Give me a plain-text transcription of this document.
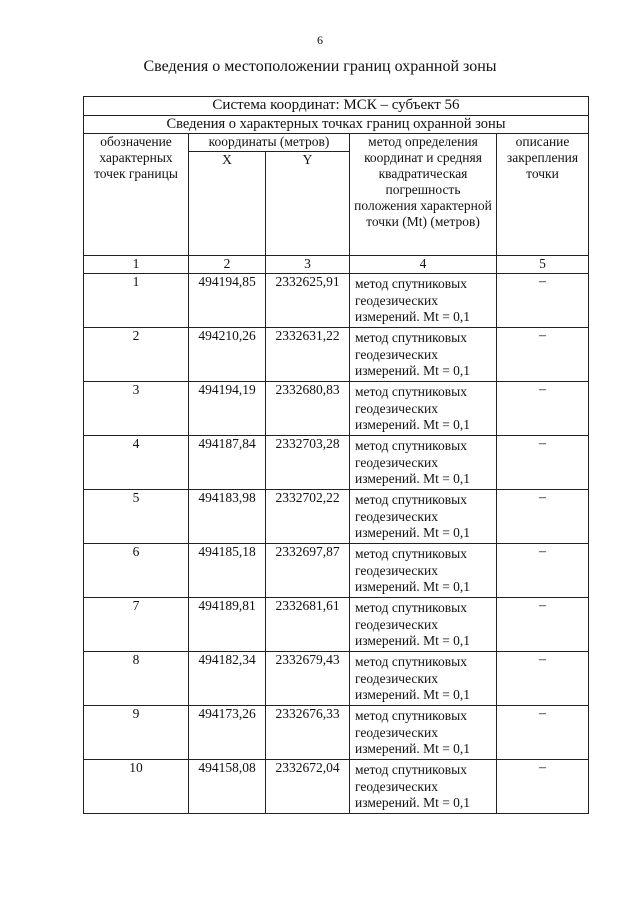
6
Сведения о местоположении границ охранной зоны
Система координат: МСК – субъект 56				
Сведения о характерных точках границ охранной зоны				
обозначение характерных точек границы	координаты (метров)		метод определения координат и средняя квадратическая погрешность положения характерной точки (Mt) (метров)	описание закрепления точки
	X	Y		
1	2	3	4	5
1	494194,85	2332625,91	метод спутниковых геодезических измерений. Mt = 0,1	–
2	494210,26	2332631,22	метод спутниковых геодезических измерений. Mt = 0,1	–
3	494194,19	2332680,83	метод спутниковых геодезических измерений. Mt = 0,1	–
4	494187,84	2332703,28	метод спутниковых геодезических измерений. Mt = 0,1	–
5	494183,98	2332702,22	метод спутниковых геодезических измерений. Mt = 0,1	–
6	494185,18	2332697,87	метод спутниковых геодезических измерений. Mt = 0,1	–
7	494189,81	2332681,61	метод спутниковых геодезических измерений. Mt = 0,1	–
8	494182,34	2332679,43	метод спутниковых геодезических измерений. Mt = 0,1	–
9	494173,26	2332676,33	метод спутниковых геодезических измерений. Mt = 0,1	–
10	494158,08	2332672,04	метод спутниковых геодезических измерений. Mt = 0,1	–
